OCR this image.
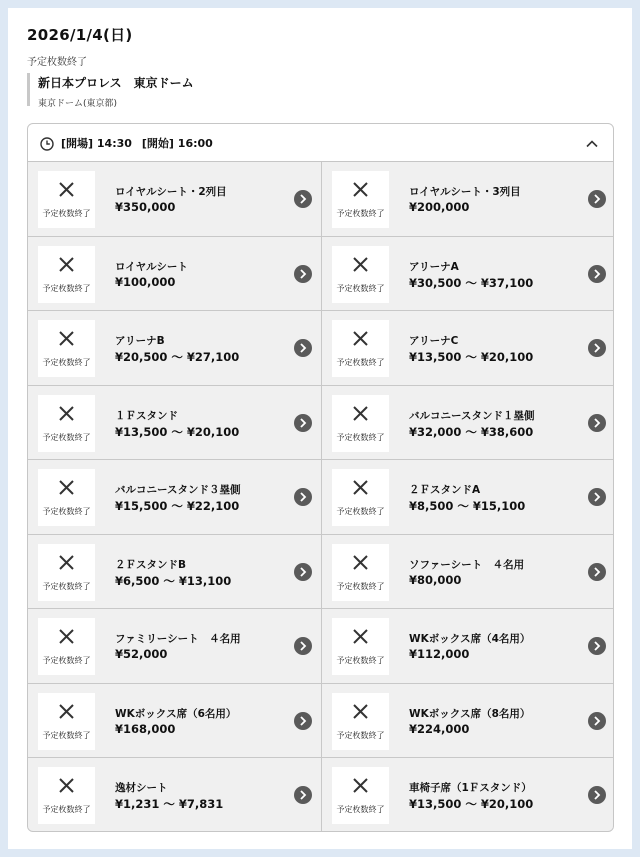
2026/1/4(日)
予定枚数終了
新日本プロレス　東京ドーム
東京ドーム(東京都)
[開場] 14:30 [開始] 16:00
予定枚数終了
ロイヤルシート・2列目
¥350,000	予定枚数終了
ロイヤルシート・3列目
¥200,000
予定枚数終了
ロイヤルシート
¥100,000	予定枚数終了
アリーナA
¥30,500 〜 ¥37,100
予定枚数終了
アリーナB
¥20,500 〜 ¥27,100	予定枚数終了
アリーナC
¥13,500 〜 ¥20,100
予定枚数終了
１Ｆスタンド
¥13,500 〜 ¥20,100	予定枚数終了
バルコニースタンド１塁側
¥32,000 〜 ¥38,600
予定枚数終了
バルコニースタンド３塁側
¥15,500 〜 ¥22,100	予定枚数終了
２ＦスタンドA
¥8,500 〜 ¥15,100
予定枚数終了
２ＦスタンドB
¥6,500 〜 ¥13,100	予定枚数終了
ソファーシート　４名用
¥80,000
予定枚数終了
ファミリーシート　４名用
¥52,000	予定枚数終了
WKボックス席（4名用）
¥112,000
予定枚数終了
WKボックス席（6名用）
¥168,000	予定枚数終了
WKボックス席（8名用）
¥224,000
予定枚数終了
逸材シート
¥1,231 〜 ¥7,831	予定枚数終了
車椅子席（1Ｆスタンド）
¥13,500 〜 ¥20,100
